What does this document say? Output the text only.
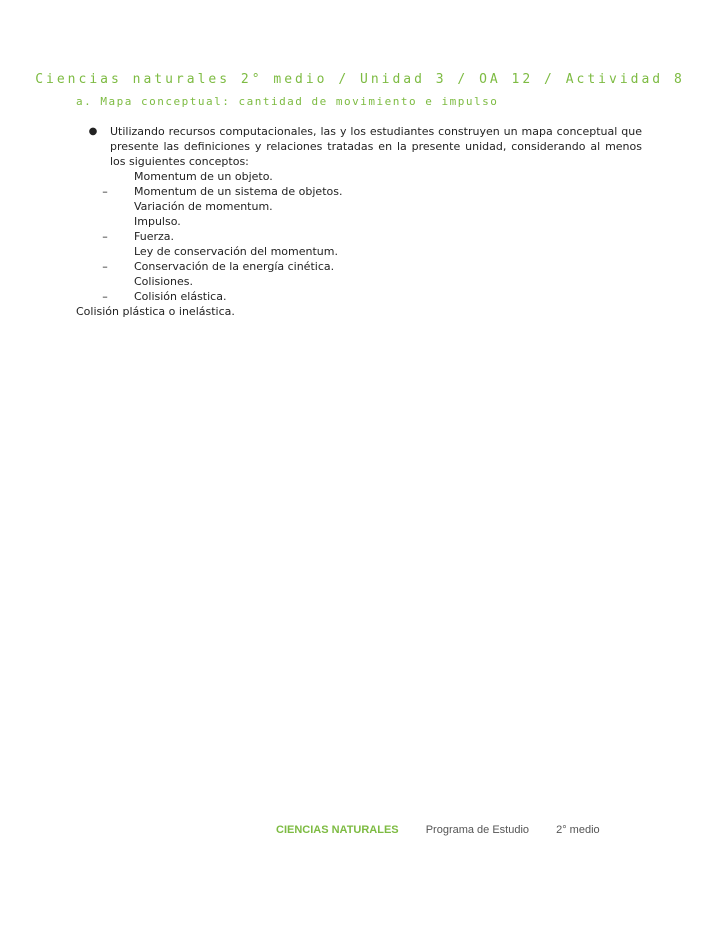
Ciencias naturales 2° medio / Unidad 3 / OA 12 / Actividad 8
a. Mapa conceptual: cantidad de movimiento e impulso
●	Utilizando recursos computacionales, las y los estudiantes construyen un mapa conceptual que presente las definiciones y relaciones tratadas en la presente unidad, considerando al menos los siguientes conceptos:
Momentum de un objeto.
–	Momentum de un sistema de objetos.
Variación de momentum.
Impulso.
–	Fuerza.
Ley de conservación del momentum.
–	Conservación de la energía cinética.
Colisiones.
–	Colisión elástica.
Colisión plástica o inelástica.
CIENCIAS NATURALES Programa de Estudio 2° medio
